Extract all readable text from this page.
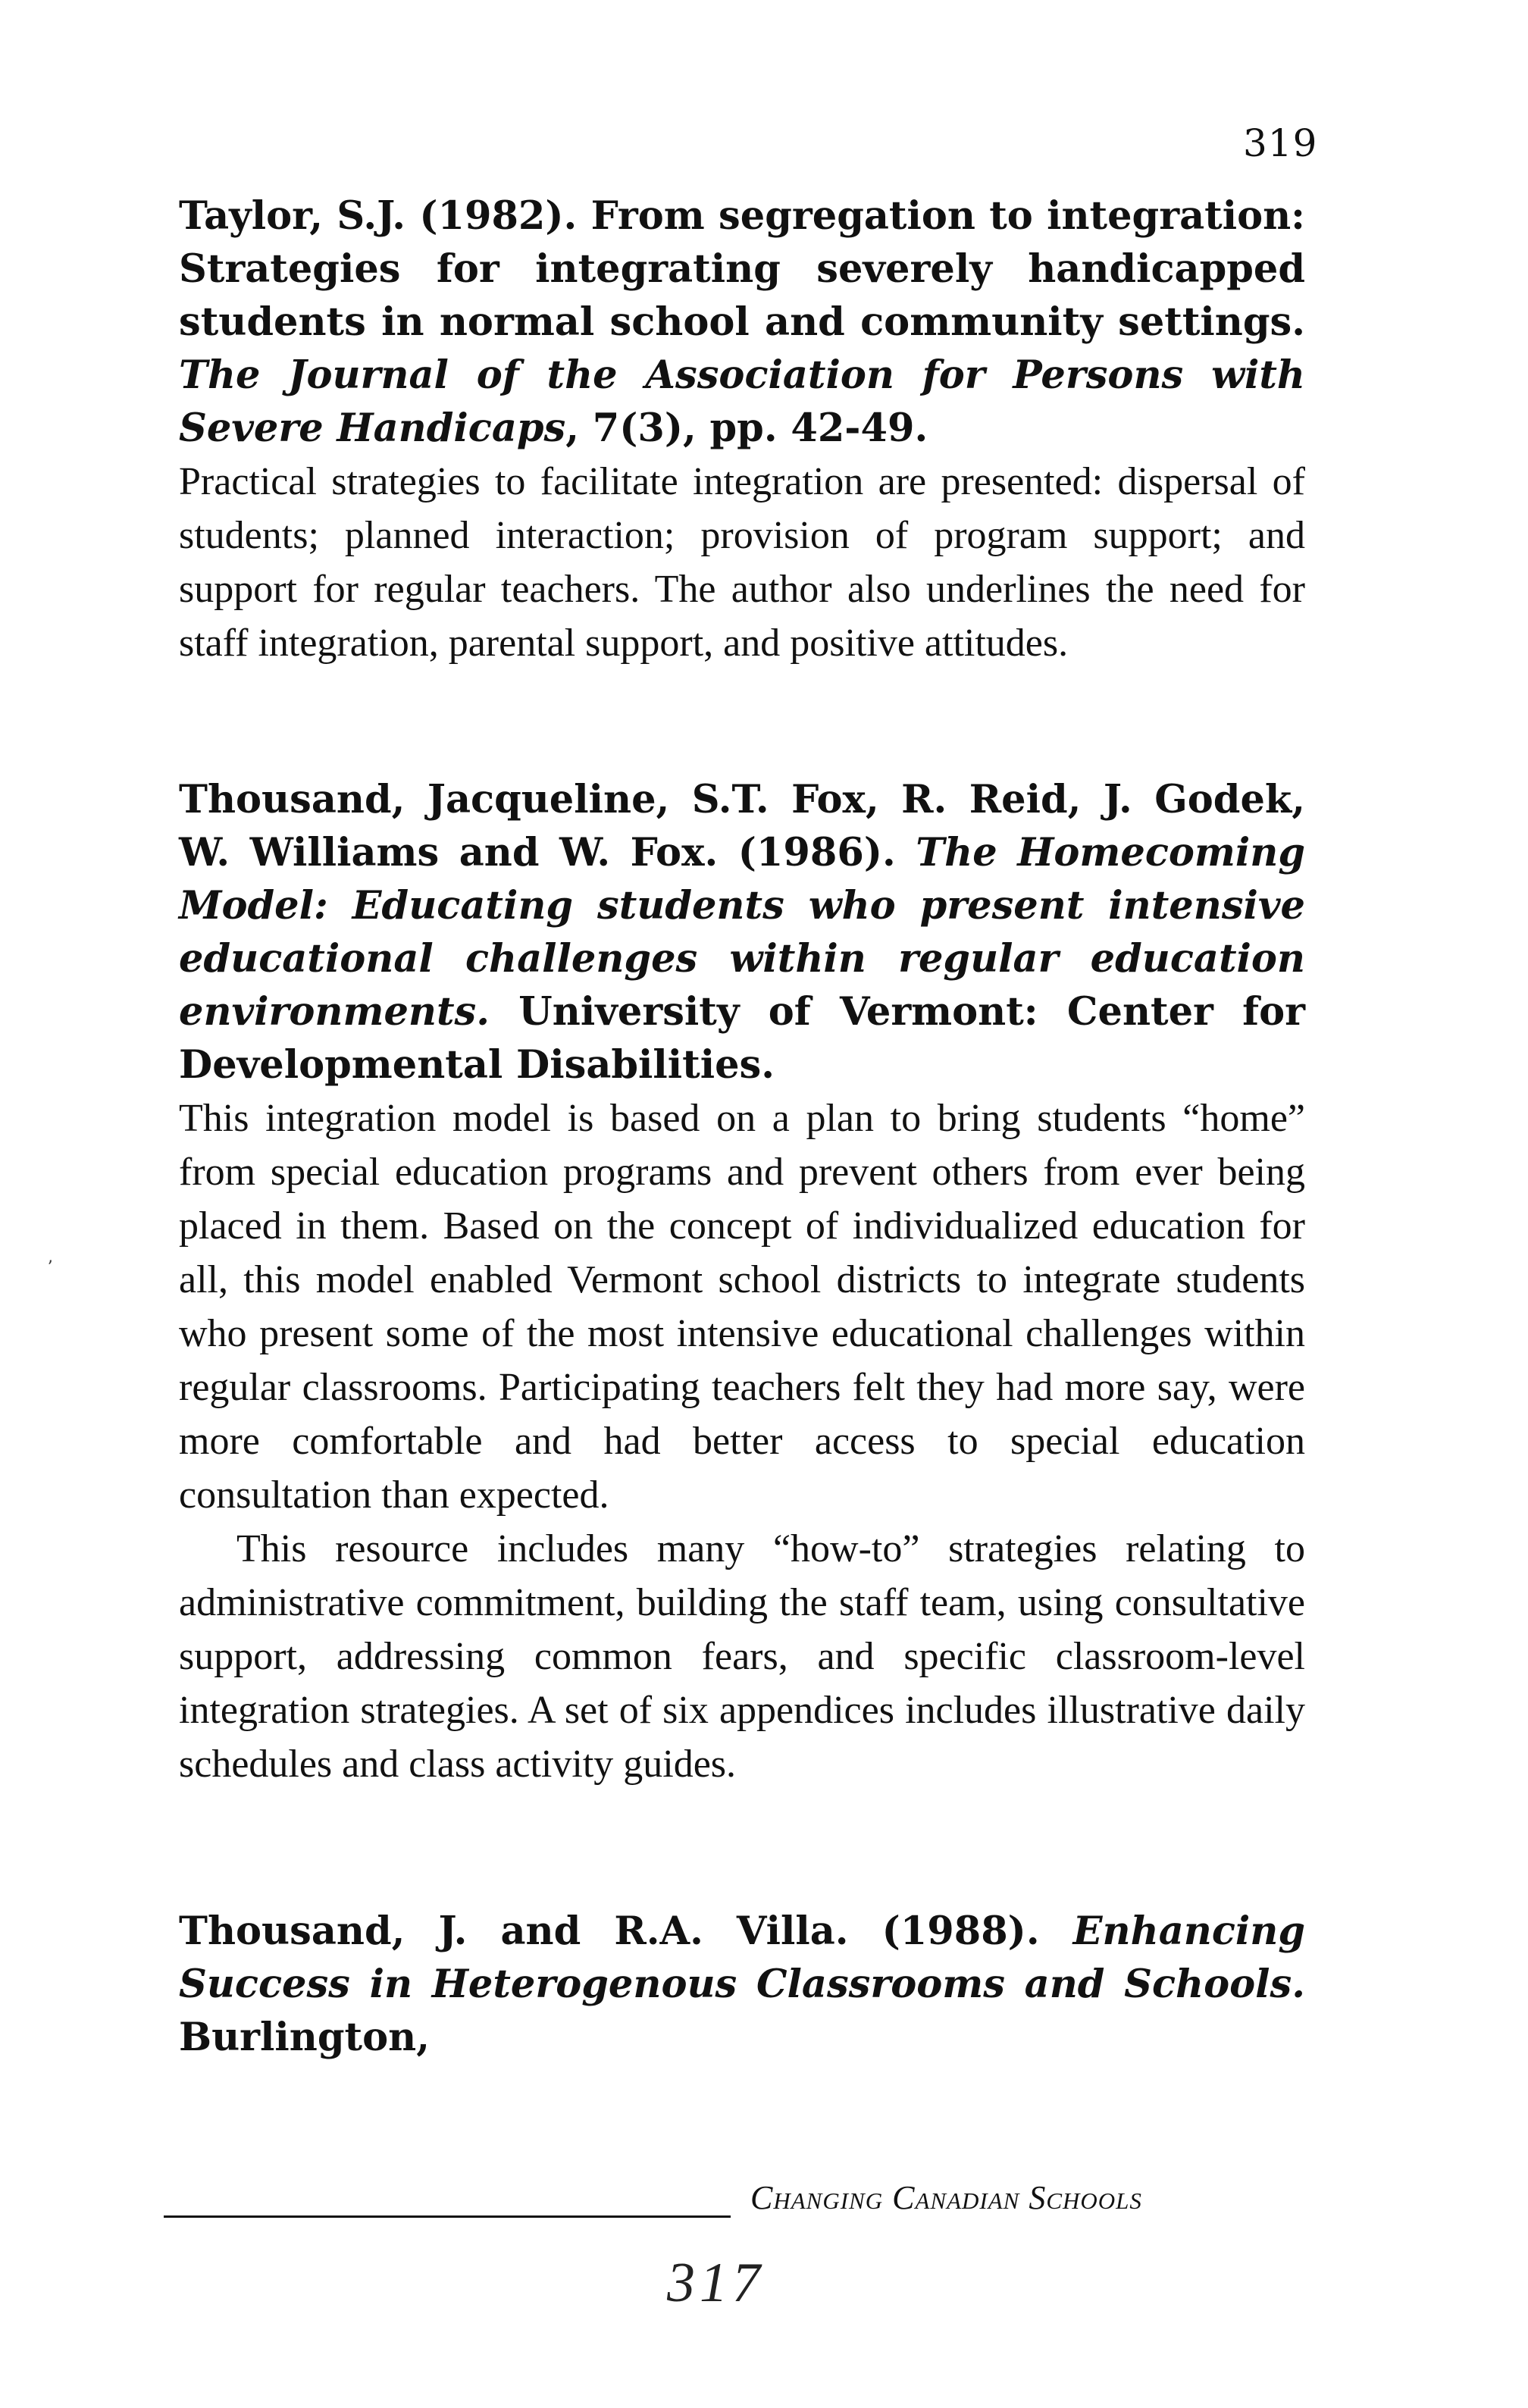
319
ʼ

Taylor, S.J. (1982). From segregation to integration: Strategies for integrating severely handicapped students in normal school and community settings. The Journal of the Association for Persons with Severe Handicaps, 7(3), pp. 42-49.

Practical strategies to facilitate integration are presented: dispersal of students; planned interaction; provision of program support; and support for regular teachers. The author also underlines the need for staff integration, parental support, and positive attitudes.

Thousand, Jacqueline, S.T. Fox, R. Reid, J. Godek, W. Williams and W. Fox. (1986). The Homecoming Model: Educating students who present intensive educational challenges within regular education environments. University of Vermont: Center for Developmental Disabilities.

This integration model is based on a plan to bring students “home” from special education programs and prevent others from ever being placed in them. Based on the concept of individualized education for all, this model enabled Vermont school districts to integrate students who present some of the most intensive educational challenges within regular classrooms. Participating teachers felt they had more say, were more comfortable and had better access to special education consultation than expected.

This resource includes many “how-to” strategies relating to administrative commitment, building the staff team, using consultative support, addressing common fears, and specific classroom-level integration strategies. A set of six appendices includes illustrative daily schedules and class activity guides.

Thousand, J. and R.A. Villa. (1988). Enhancing Success in Heterogenous Classrooms and Schools. Burlington,

Changing Canadian Schools
317
